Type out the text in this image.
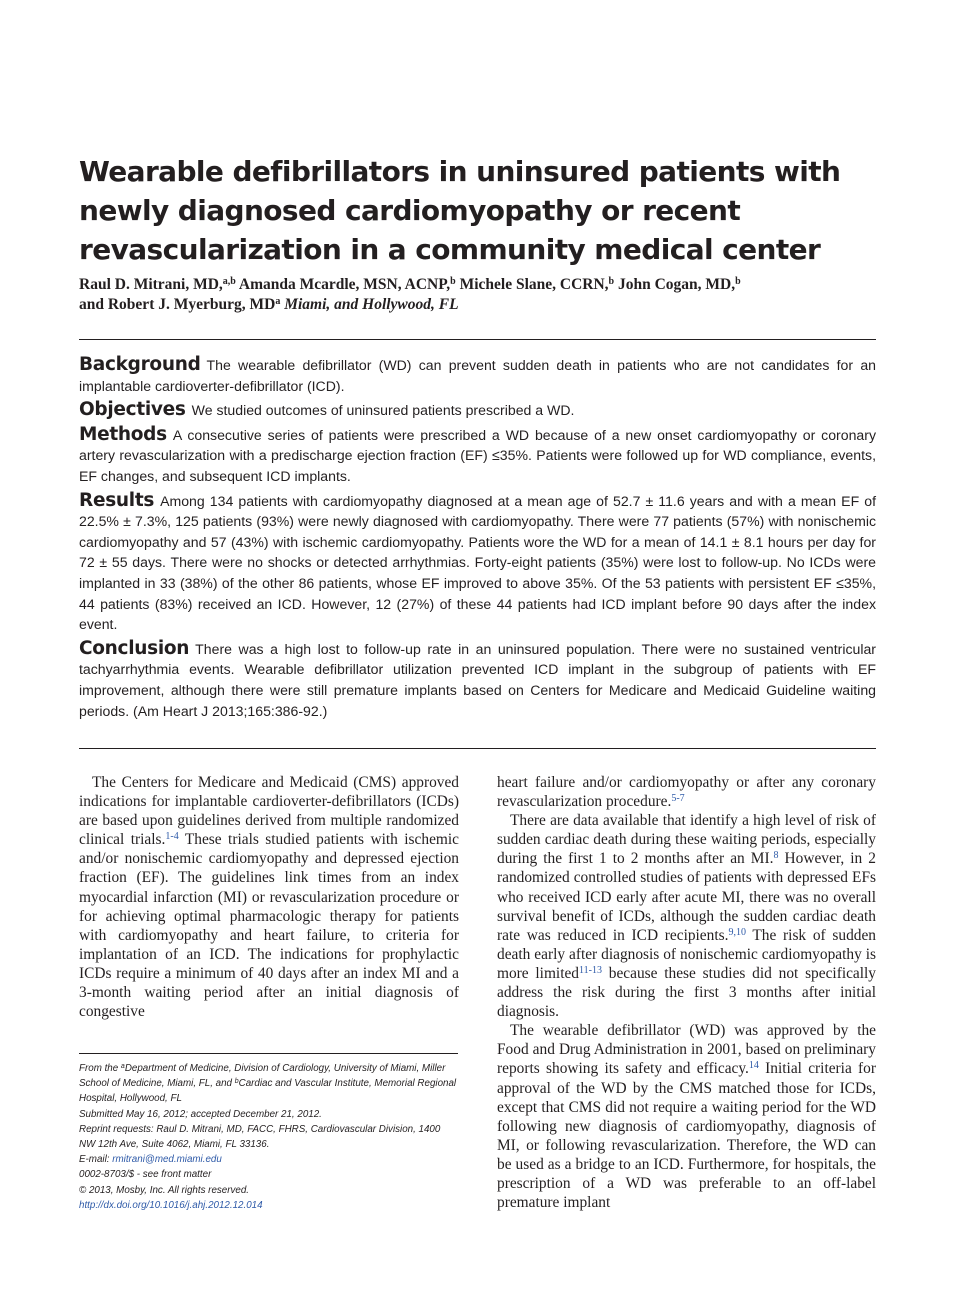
Wearable defibrillators in uninsured patients with newly diagnosed cardiomyopathy or recent revascularization in a community medical center
Raul D. Mitrani, MD,$^{a,b}$ Amanda Mcardle, MSN, ACNP,$^b$ Michele Slane, CCRN,$^b$ John Cogan, MD,$^b$
and Robert J. Myerburg, $MD^a$ Miami, and Hollywood, FL

Background The wearable defibrillator (WD) can prevent sudden death in patients who are not candidates for an implantable cardioverter-defibrillator (ICD).

Objectives We studied outcomes of uninsured patients prescribed a WD.

Methods A consecutive series of patients were prescribed a WD because of a new onset cardiomyopathy or coronary artery revascularization with a predischarge ejection fraction (EF) ≤35%. Patients were followed up for WD compliance, events, EF changes, and subsequent ICD implants.

Results Among 134 patients with cardiomyopathy diagnosed at a mean age of 52.7 ± 11.6 years and with a mean EF of 22.5% ± 7.3%, 125 patients (93%) were newly diagnosed with cardiomyopathy. There were 77 patients (57%) with nonischemic cardiomyopathy and 57 (43%) with ischemic cardiomyopathy. Patients wore the WD for a mean of 14.1 ± 8.1 hours per day for 72 ± 55 days. There were no shocks or detected arrhythmias. Forty-eight patients (35%) were lost to follow-up. No ICDs were implanted in 33 (38%) of the other 86 patients, whose EF improved to above 35%. Of the 53 patients with persistent EF ≤35%, 44 patients (83%) received an ICD. However, 12 (27%) of these 44 patients had ICD implant before 90 days after the index event.

Conclusion There was a high lost to follow-up rate in an uninsured population. There were no sustained ventricular tachyarrhythmia events. Wearable defibrillator utilization prevented ICD implant in the subgroup of patients with EF improvement, although there were still premature implants based on Centers for Medicare and Medicaid Guideline waiting periods. (Am Heart J 2013;165:386-92.)

The Centers for Medicare and Medicaid (CMS) approved indications for implantable cardioverter-defibrillators (ICDs) are based upon guidelines derived from multiple randomized clinical trials.$^{1-4}$ These trials studied patients with ischemic and/or nonischemic cardiomyopathy and depressed ejection fraction (EF). The guidelines link times from an index myocardial infarction (MI) or revascularization procedure or for achieving optimal pharmacologic therapy for patients with cardiomyopathy and heart failure, to criteria for implantation of an ICD. The indications for prophylactic ICDs require a minimum of 40 days after an index MI and a 3-month waiting period after an initial diagnosis of congestive

heart failure and/or cardiomyopathy or after any coronary revascularization procedure.$^{5-7}$

There are data available that identify a high level of risk of sudden cardiac death during these waiting periods, especially during the first 1 to 2 months after an MI.$^8$ However, in 2 randomized controlled studies of patients with depressed EFs who received ICD early after acute MI, there was no overall survival benefit of ICDs, although the sudden cardiac death rate was reduced in ICD recipients.$^{9,10}$ The risk of sudden death early after diagnosis of nonischemic cardiomyopathy is more limited$^{11-13}$ because these studies did not specifically address the risk during the first 3 months after initial diagnosis.

The wearable defibrillator (WD) was approved by the Food and Drug Administration in 2001, based on preliminary reports showing its safety and efficacy.$^{14}$ Initial criteria for approval of the WD by the CMS matched those for ICDs, except that CMS did not require a waiting period for the WD following new diagnosis of cardiomyopathy, diagnosis of MI, or following revascularization. Therefore, the WD can be used as a bridge to an ICD. Furthermore, for hospitals, the prescription of a WD was preferable to an off-label premature implant

From the $^a$Department of Medicine, Division of Cardiology, University of Miami, Miller School of Medicine, Miami, FL, and $^b$Cardiac and Vascular Institute, Memorial Regional Hospital, Hollywood, FL
Submitted May 16, 2012; accepted December 21, 2012.
Reprint requests: Raul D. Mitrani, MD, FACC, FHRS, Cardiovascular Division, 1400 NW 12th Ave, Suite 4062, Miami, FL 33136.
E-mail: rmitrani@med.miami.edu
0002-8703/$ - see front matter
© 2013, Mosby, Inc. All rights reserved.
http://dx.doi.org/10.1016/j.ahj.2012.12.014
